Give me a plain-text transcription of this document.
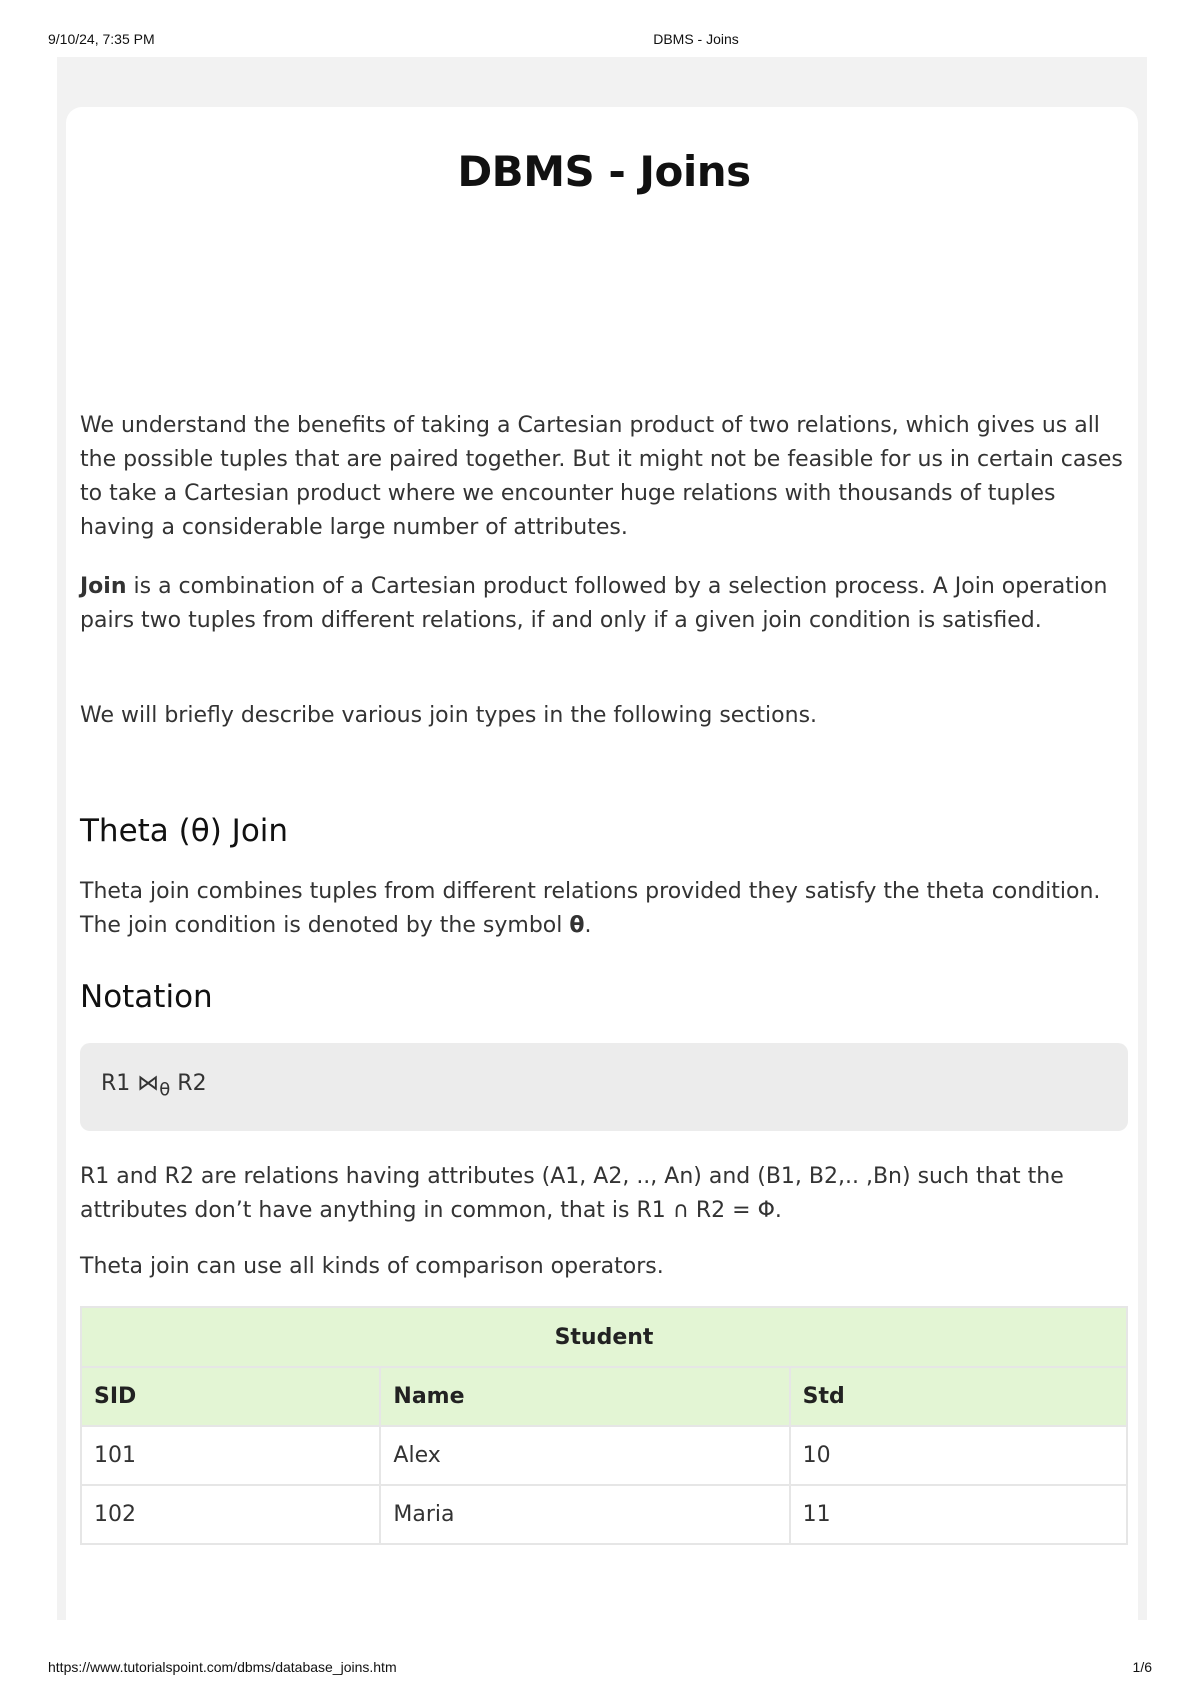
9/10/24, 7:35 PM	DBMS - Joins
DBMS - Joins

We understand the benefits of taking a Cartesian product of two relations, which gives us all the possible tuples that are paired together. But it might not be feasible for us in certain cases to take a Cartesian product where we encounter huge relations with thousands of tuples having a considerable large number of attributes.

Join is a combination of a Cartesian product followed by a selection process. A Join operation pairs two tuples from different relations, if and only if a given join condition is satisfied.

We will briefly describe various join types in the following sections.

Theta (θ) Join

Theta join combines tuples from different relations provided they satisfy the theta condition. The join condition is denoted by the symbol θ.

Notation
R1 $⋈_\theta$ R2

R1 and R2 are relations having attributes (A1, A2, .., An) and (B1, B2,.. ,Bn) such that the attributes don’t have anything in common, that is R1 ∩ R2 = Φ.

Theta join can use all kinds of comparison operators.

Student		
SID	Name	Std
101	Alex	10
102	Maria	11
https://www.tutorialspoint.com/dbms/database_joins.htm	1/6
